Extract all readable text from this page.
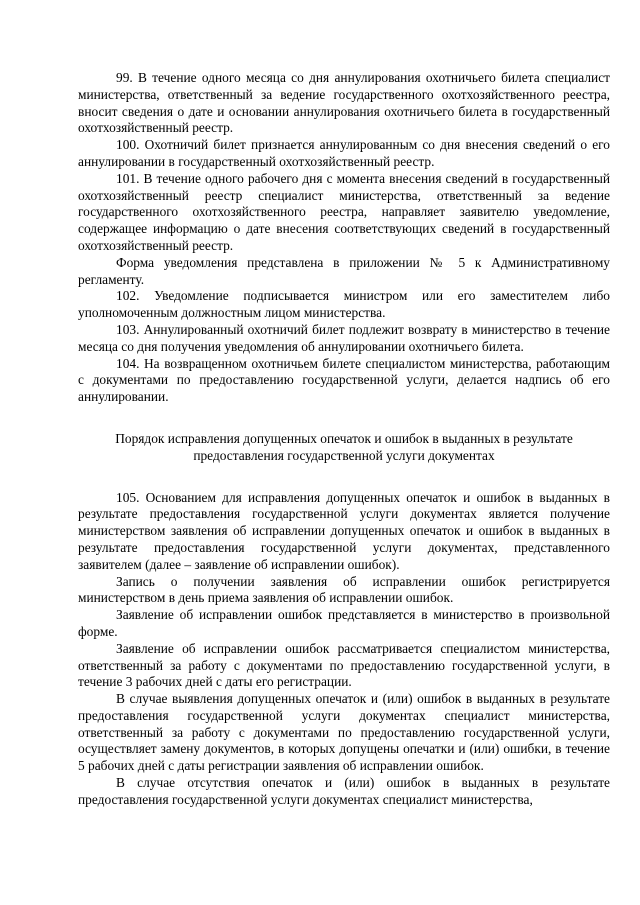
99. В течение одного месяца со дня аннулирования охотничьего билета специалист министерства, ответственный за ведение государственного охотхозяйственного реестра, вносит сведения о дате и основании аннулирования охотничьего билета в государственный охотхозяйственный реестр.

100. Охотничий билет признается аннулированным со дня внесения сведений о его аннулировании в государственный охотхозяйственный реестр.

101. В течение одного рабочего дня с момента внесения сведений в государственный охотхозяйственный реестр специалист министерства, ответственный за ведение государственного охотхозяйственного реестра, направляет заявителю уведомление, содержащее информацию о дате внесения соответствующих сведений в государственный охотхозяйственный реестр.

Форма уведомления представлена в приложении № 5 к Административному регламенту.

102. Уведомление подписывается министром или его заместителем либо уполномоченным должностным лицом министерства.

103. Аннулированный охотничий билет подлежит возврату в министерство в течение месяца со дня получения уведомления об аннулировании охотничьего билета.

104. На возвращенном охотничьем билете специалистом министерства, работающим с документами по предоставлению государственной услуги, делается надпись об его аннулировании.

Порядок исправления допущенных опечаток и ошибок в выданных в результате предоставления государственной услуги документах

105. Основанием для исправления допущенных опечаток и ошибок в выданных в результате предоставления государственной услуги документах является получение министерством заявления об исправлении допущенных опечаток и ошибок в выданных в результате предоставления государственной услуги документах, представленного заявителем (далее – заявление об исправлении ошибок).

Запись о получении заявления об исправлении ошибок регистрируется министерством в день приема заявления об исправлении ошибок.

Заявление об исправлении ошибок представляется в министерство в произвольной форме.

Заявление об исправлении ошибок рассматривается специалистом министерства, ответственный за работу с документами по предоставлению государственной услуги, в течение 3 рабочих дней с даты его регистрации.

В случае выявления допущенных опечаток и (или) ошибок в выданных в результате предоставления государственной услуги документах специалист министерства, ответственный за работу с документами по предоставлению государственной услуги, осуществляет замену документов, в которых допущены опечатки и (или) ошибки, в течение 5 рабочих дней с даты регистрации заявления об исправлении ошибок.

В случае отсутствия опечаток и (или) ошибок в выданных в результате предоставления государственной услуги документах специалист министерства,
